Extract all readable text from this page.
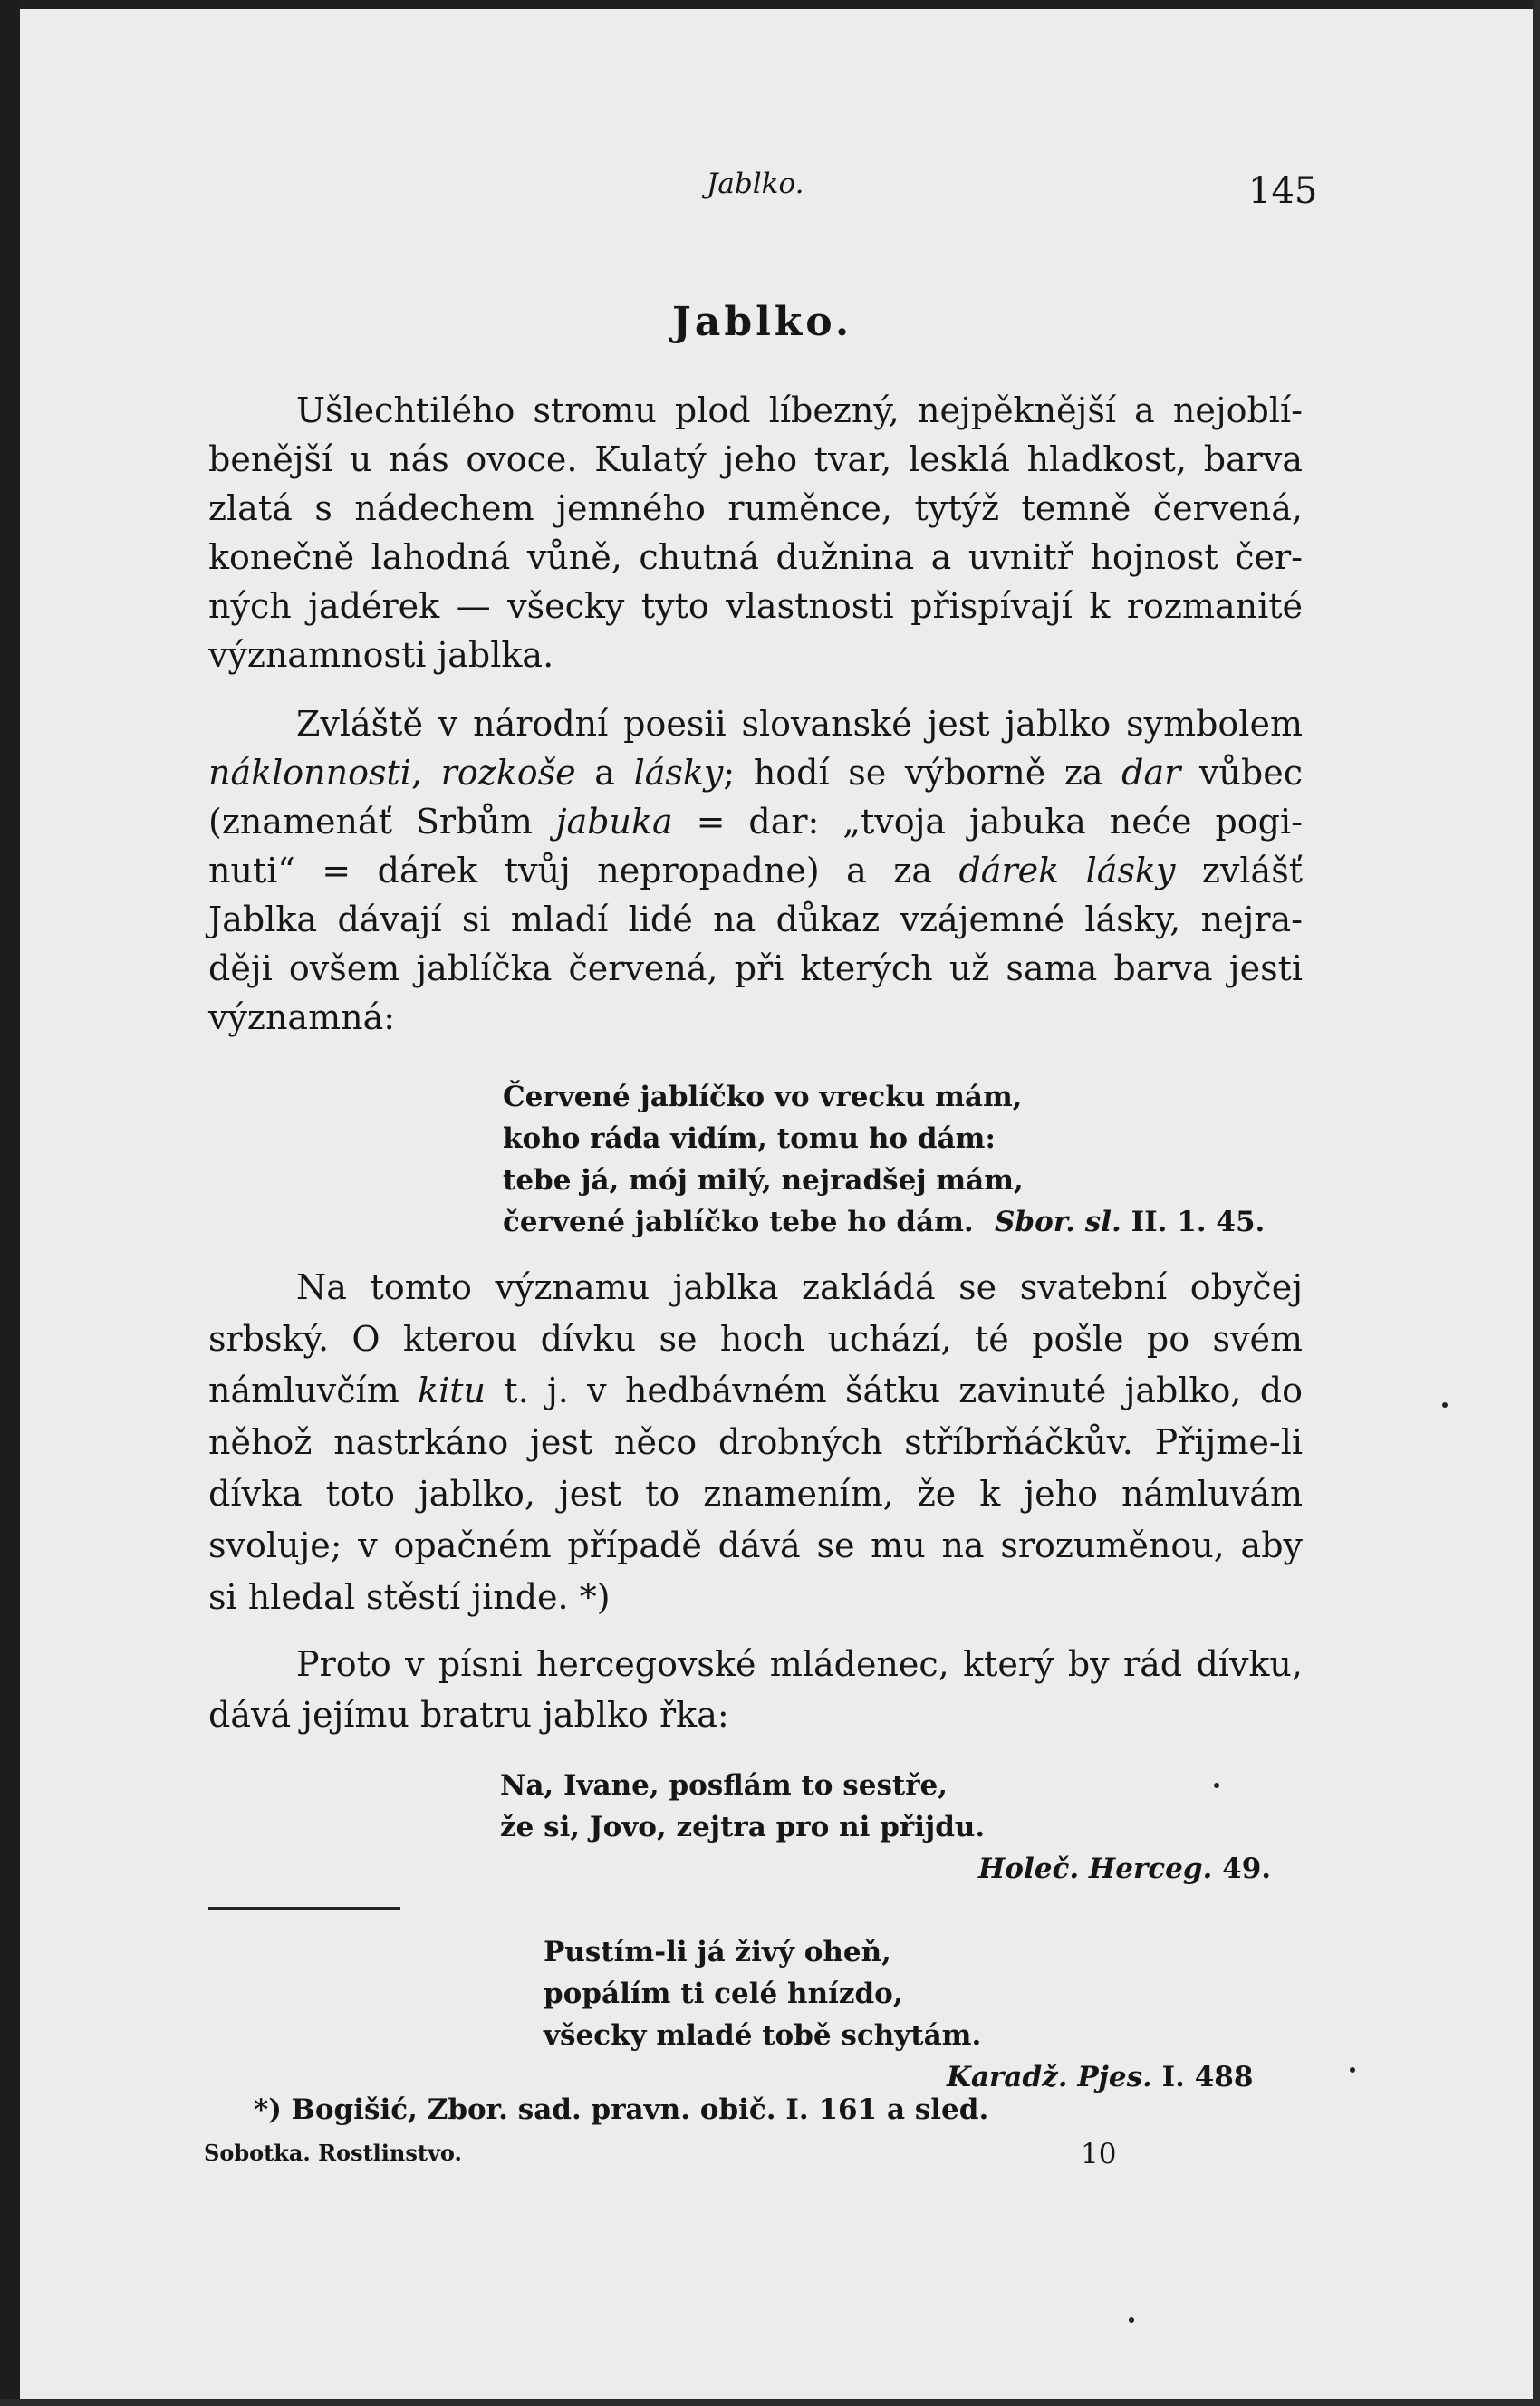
Jablko.	145
Jablko.
Ušlechtilého stromu plod líbezný, nejpěknější a nejoblí-
benější u nás ovoce. Kulatý jeho tvar, lesklá hladkost, barva
zlatá s nádechem jemného ruměnce, tytýž temně červená,
konečně lahodná vůně, chutná dužnina a uvnitř hojnost čer-
ných jadérek — všecky tyto vlastnosti přispívají k rozmanité
významnosti jablka.
Zvláště v národní poesii slovanské jest jablko symbolem
náklonnosti, rozkoše a lásky; hodí se výborně za dar vůbec
(znamenáť Srbům jabuka = dar: „tvoja jabuka neće pogi-
nuti“ = dárek tvůj nepropadne) a za dárek lásky zvlášť
Jablka dávají si mladí lidé na důkaz vzájemné lásky, nejra-
ději ovšem jablíčka červená, při kterých už sama barva jesti
významná:
Červené jablíčko vo vrecku mám,
koho ráda vidím, tomu ho dám:
tebe já, mój milý, nejradšej mám,
červené jablíčko tebe ho dám. Sbor. sl. II. 1. 45.
Na tomto významu jablka zakládá se svatební obyčej
srbský. O kterou dívku se hoch uchází, té pošle po svém
námluvčím kitu t. j. v hedbávném šátku zavinuté jablko, do
něhož nastrkáno jest něco drobných stříbrňáčkův. Přijme-li
dívka toto jablko, jest to znamením, že k jeho námluvám
svoluje; v opačném případě dává se mu na srozuměnou, aby
si hledal stěstí jinde. *)
Proto v písni hercegovské mládenec, který by rád dívku,
dává jejímu bratru jablko řka:
Na, Ivane, posflám to sestře,
že si, Jovo, zejtra pro ni přijdu.
Holeč. Herceg. 49.
Pustím-li já živý oheň,
popálím ti celé hnízdo,
všecky mladé tobě schytám.
Karadž. Pjes. I. 488
*) Bogišić, Zbor. sad. pravn. obič. I. 161 a sled.
Sobotka. Rostlinstvo.	10
